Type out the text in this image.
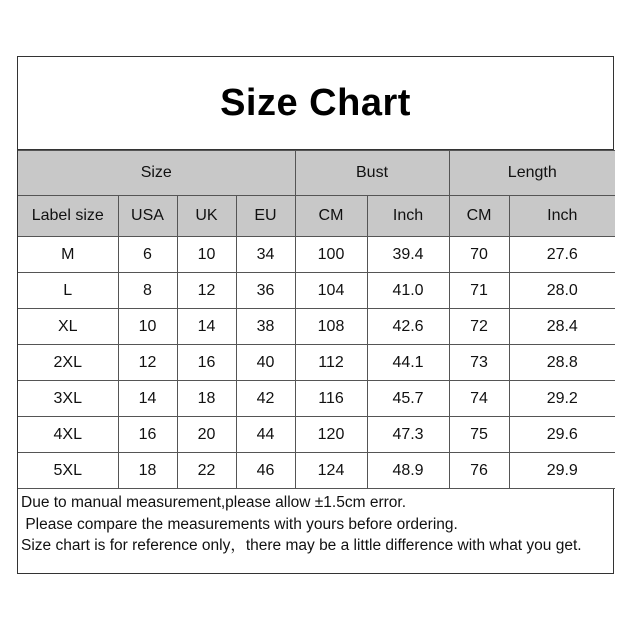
Size Chart
Size				Bust		Length	
Label size	USA	UK	EU	CM	Inch	CM	Inch
M	6	10	34	100	39.4	70	27.6
L	8	12	36	104	41.0	71	28.0
XL	10	14	38	108	42.6	72	28.4
2XL	12	16	40	112	44.1	73	28.8
3XL	14	18	42	116	45.7	74	29.2
4XL	16	20	44	120	47.3	75	29.6
5XL	18	22	46	124	48.9	76	29.9
Due to manual measurement,please allow ±1.5cm error.
Please compare the measurements with yours before ordering.
Size chart is for reference only，there may be a little difference with what you get.
